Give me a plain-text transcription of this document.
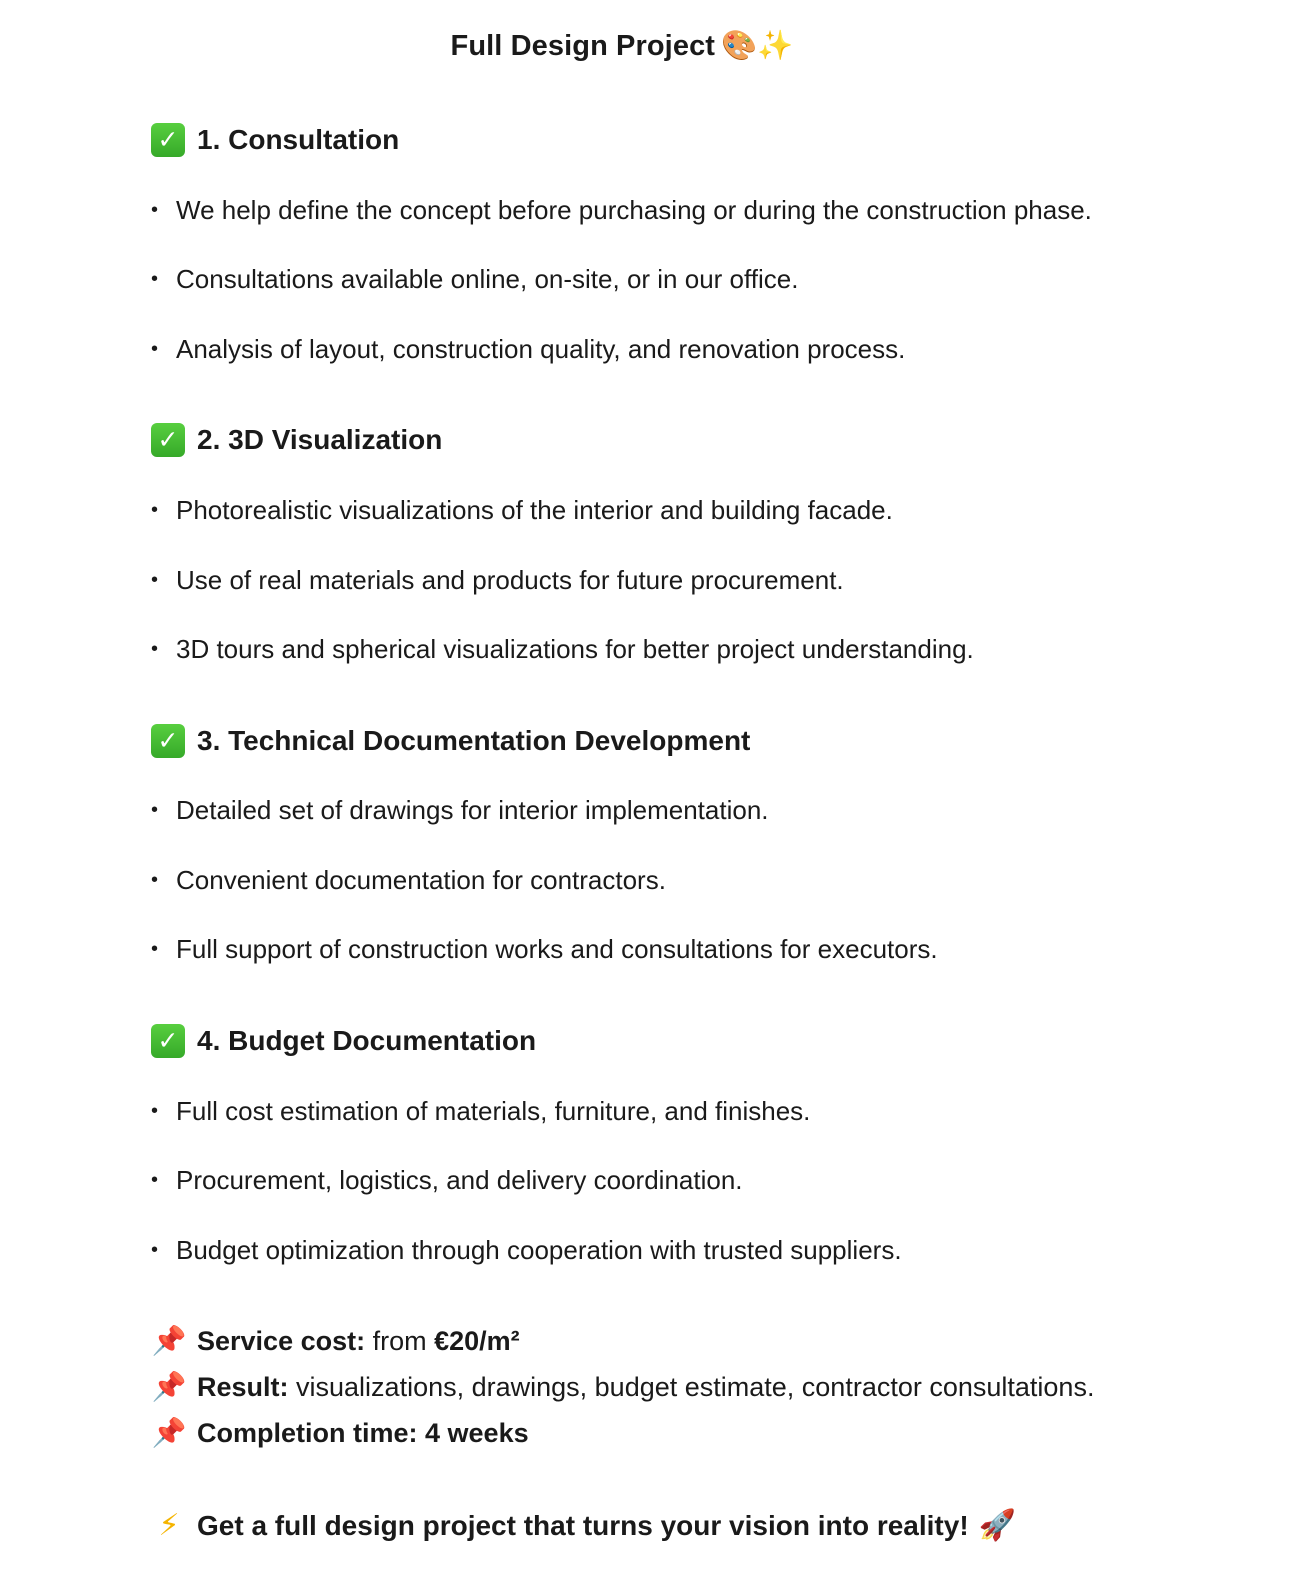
Full Design Project 🎨✨
✓ 1. Consultation
• We help define the concept before purchasing or during the construction phase.
• Consultations available online, on-site, or in our office.
• Analysis of layout, construction quality, and renovation process.
✓ 2. 3D Visualization
• Photorealistic visualizations of the interior and building facade.
• Use of real materials and products for future procurement.
• 3D tours and spherical visualizations for better project understanding.
✓ 3. Technical Documentation Development
• Detailed set of drawings for interior implementation.
• Convenient documentation for contractors.
• Full support of construction works and consultations for executors.
✓ 4. Budget Documentation
• Full cost estimation of materials, furniture, and finishes.
• Procurement, logistics, and delivery coordination.
• Budget optimization through cooperation with trusted suppliers.
📌 Service cost:
from
€20/m²
📌 Result:
visualizations, drawings, budget estimate, contractor consultations.
📌 Completion time:
4 weeks
⚡ Get a full design project that turns your vision into reality! 🚀
